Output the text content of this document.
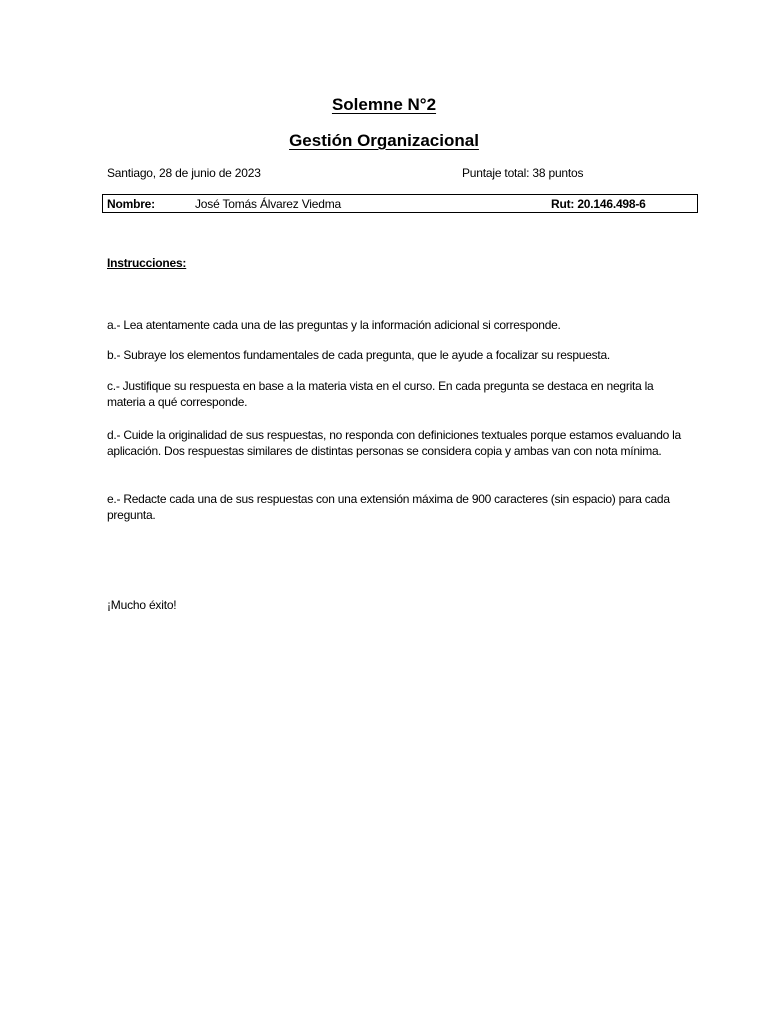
Solemne N°2
Gestión Organizacional
Santiago, 28 de junio de 2023	Puntaje total: 38 puntos
Nombre:	José Tomás Álvarez Viedma	Rut: 20.146.498-6
Instrucciones:
a.- Lea atentamente cada una de las preguntas y la información adicional si corresponde.
b.- Subraye los elementos fundamentales de cada pregunta, que le ayude a focalizar su respuesta.
c.- Justifique su respuesta en base a la materia vista en el curso. En cada pregunta se destaca en negrita la materia a qué corresponde.
d.- Cuide la originalidad de sus respuestas, no responda con definiciones textuales porque estamos evaluando la aplicación. Dos respuestas similares de distintas personas se considera copia y ambas van con nota mínima.
e.- Redacte cada una de sus respuestas con una extensión máxima de 900 caracteres (sin espacio) para cada pregunta.
¡Mucho éxito!
